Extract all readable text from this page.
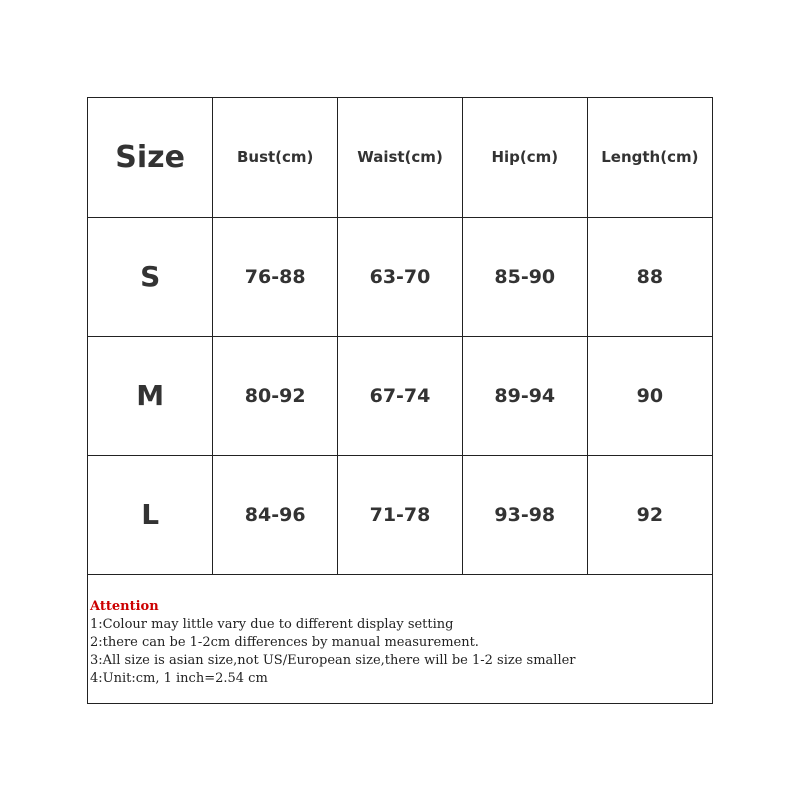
Size	Bust(cm)	Waist(cm)	Hip(cm)	Length(cm)
S	76-88	63-70	85-90	88
M	80-92	67-74	89-94	90
L	84-96	71-78	93-98	92
Attention
1:Colour may little vary due to different display setting
2:there can be 1-2cm differences by manual measurement.
3:All size is asian size,not US/European size,there will be 1-2 size smaller
4:Unit:cm, 1 inch=2.54 cm
